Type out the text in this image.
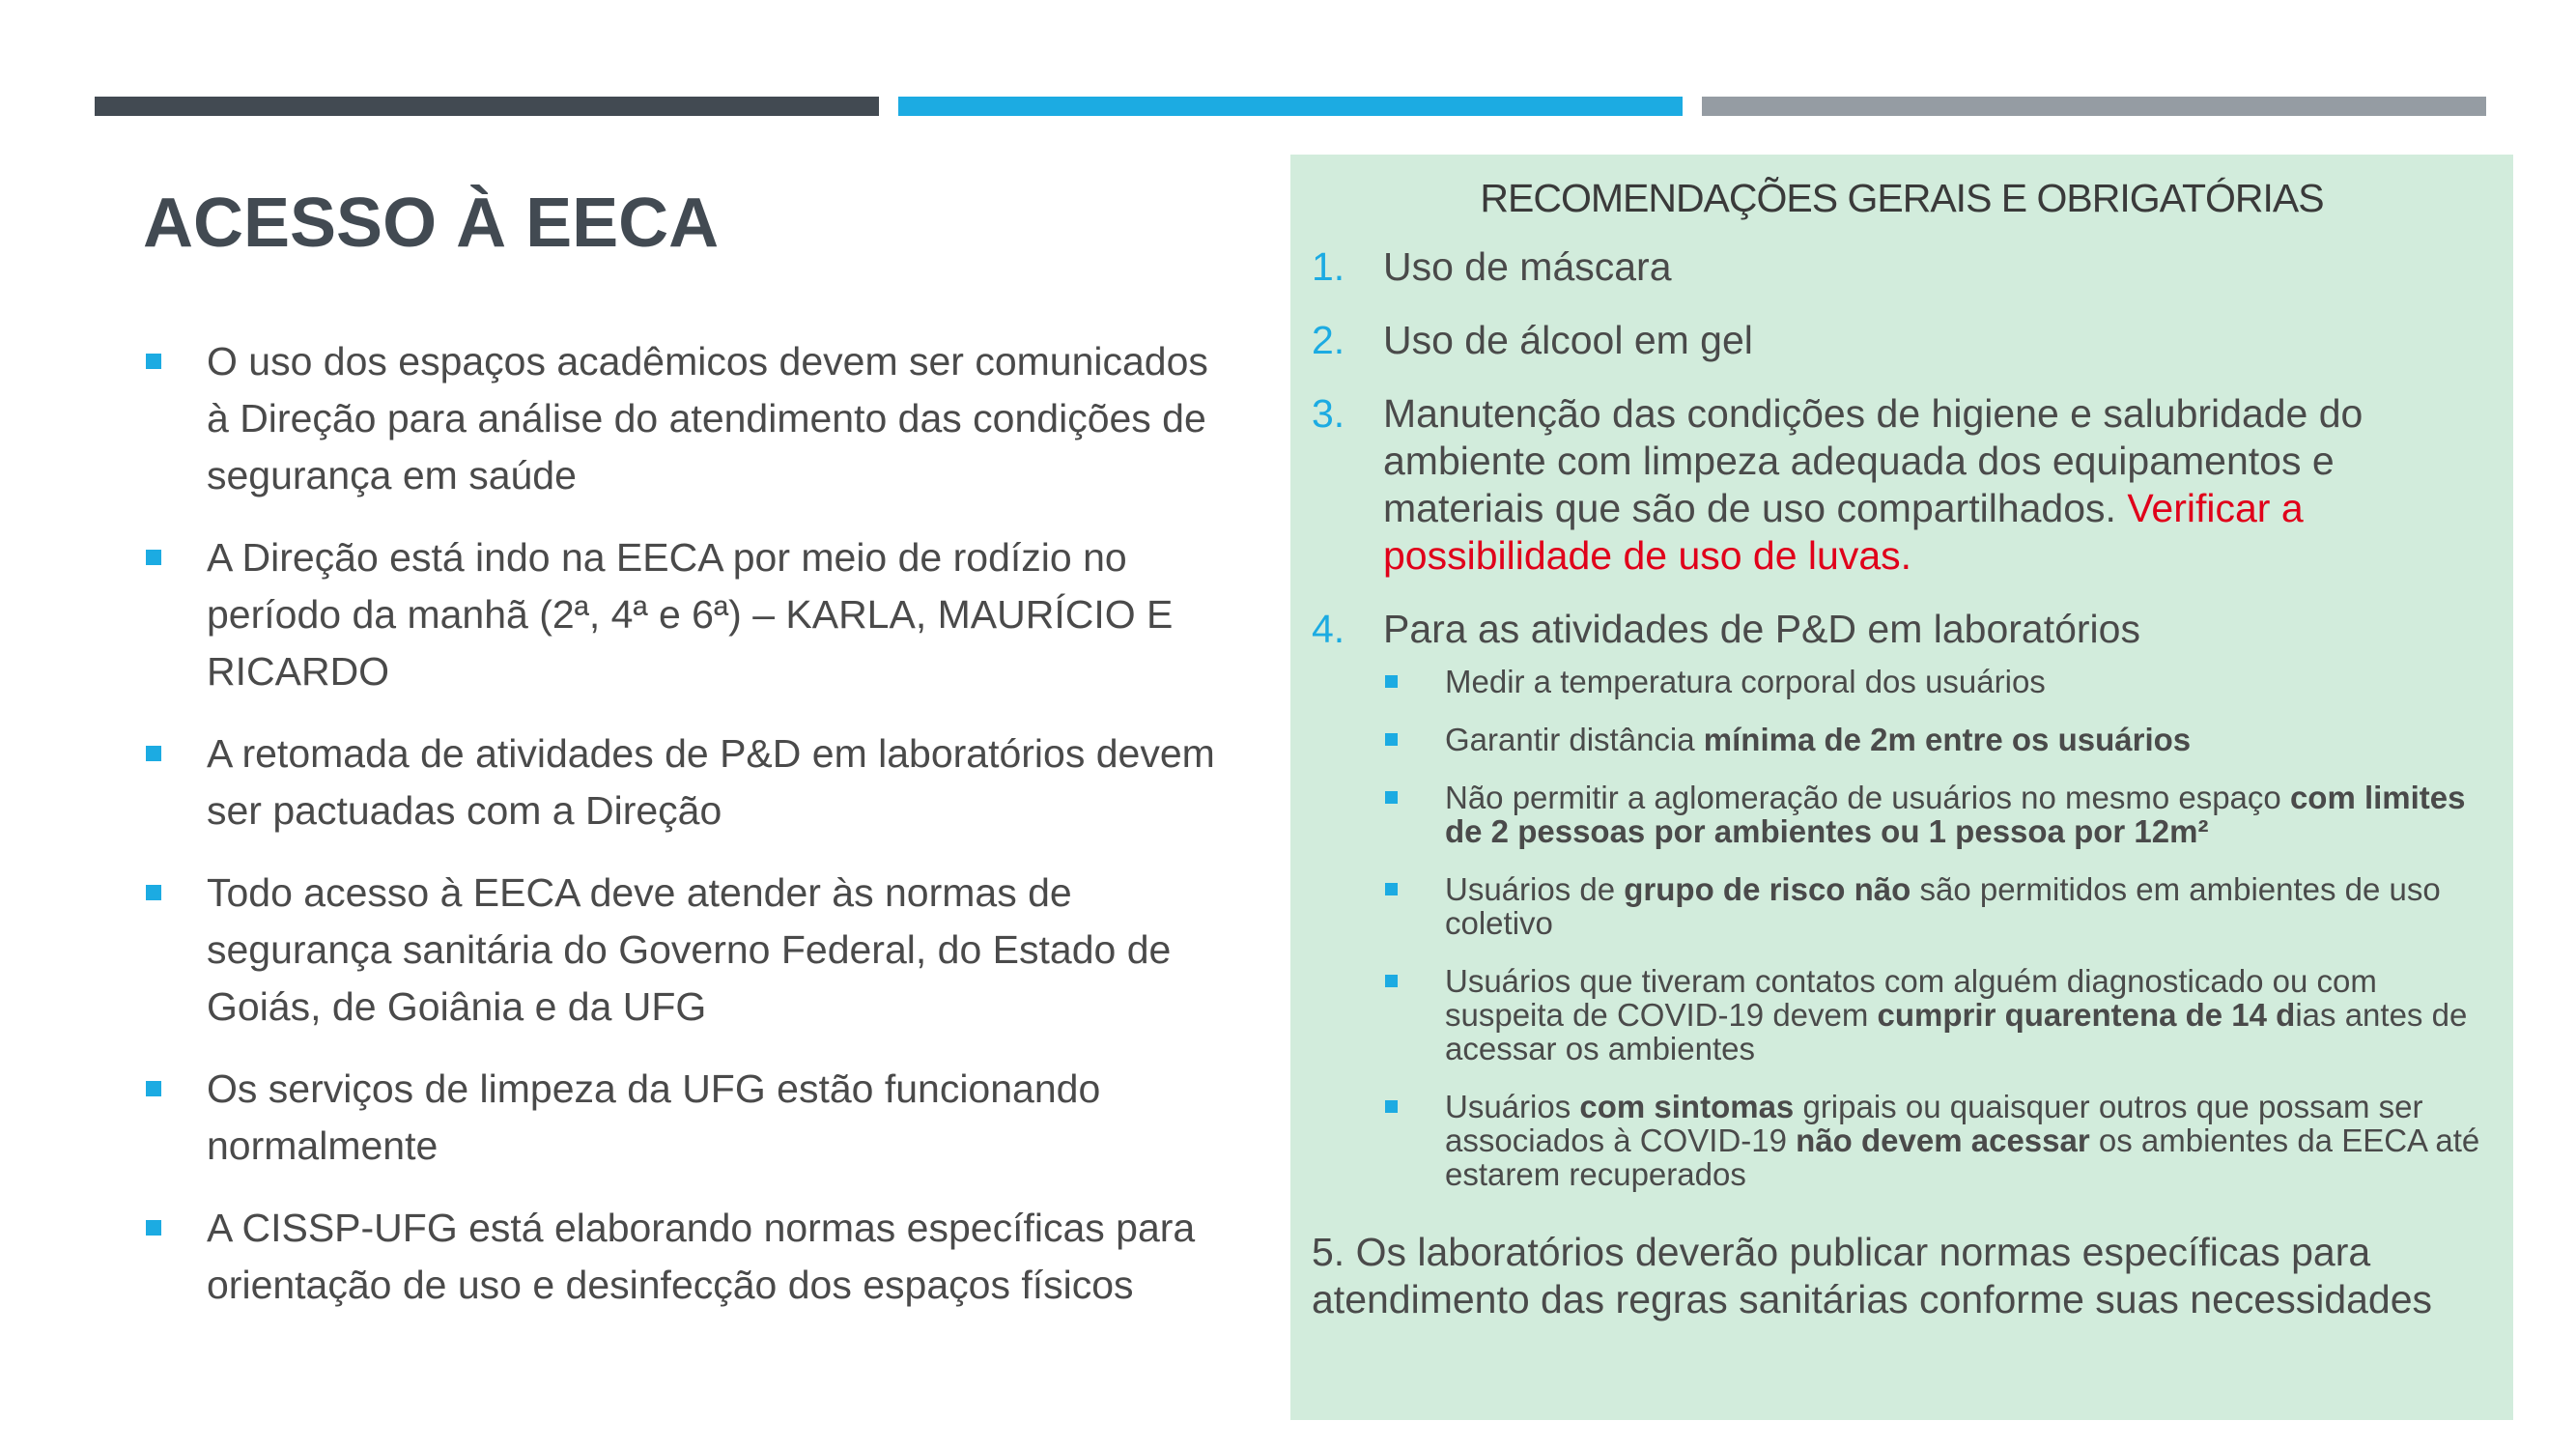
ACESSO À EECA
O uso dos espaços acadêmicos devem ser comunicados à Direção para análise do atendimento das condições de segurança em saúde
A Direção está indo na EECA por meio de rodízio no período da manhã (2ª, 4ª e 6ª) – KARLA, MAURÍCIO E RICARDO
A retomada de atividades de P&D em laboratórios devem ser pactuadas com a Direção
Todo acesso à EECA deve atender às normas de segurança sanitária do Governo Federal, do Estado de Goiás, de Goiânia e da UFG
Os serviços de limpeza da UFG estão funcionando normalmente
A CISSP-UFG está elaborando normas específicas para orientação de uso e desinfecção dos espaços físicos
RECOMENDAÇÕES GERAIS E OBRIGATÓRIAS
1. Uso de máscara
2. Uso de álcool em gel
3. Manutenção das condições de higiene e salubridade do ambiente com limpeza adequada dos equipamentos e materiais que são de uso compartilhados. Verificar a possibilidade de uso de luvas.
4. Para as atividades de P&D em laboratórios
Medir a temperatura corporal dos usuários
Garantir distância mínima de 2m entre os usuários
Não permitir a aglomeração de usuários no mesmo espaço com limites de 2 pessoas por ambientes ou 1 pessoa por 12m²
Usuários de grupo de risco não são permitidos em ambientes de uso coletivo
Usuários que tiveram contatos com alguém diagnosticado ou com suspeita de COVID-19 devem cumprir quarentena de 14 dias antes de acessar os ambientes
Usuários com sintomas gripais ou quaisquer outros que possam ser associados à COVID-19 não devem acessar os ambientes da EECA até estarem recuperados
5. Os laboratórios deverão publicar normas específicas para atendimento das regras sanitárias conforme suas necessidades
